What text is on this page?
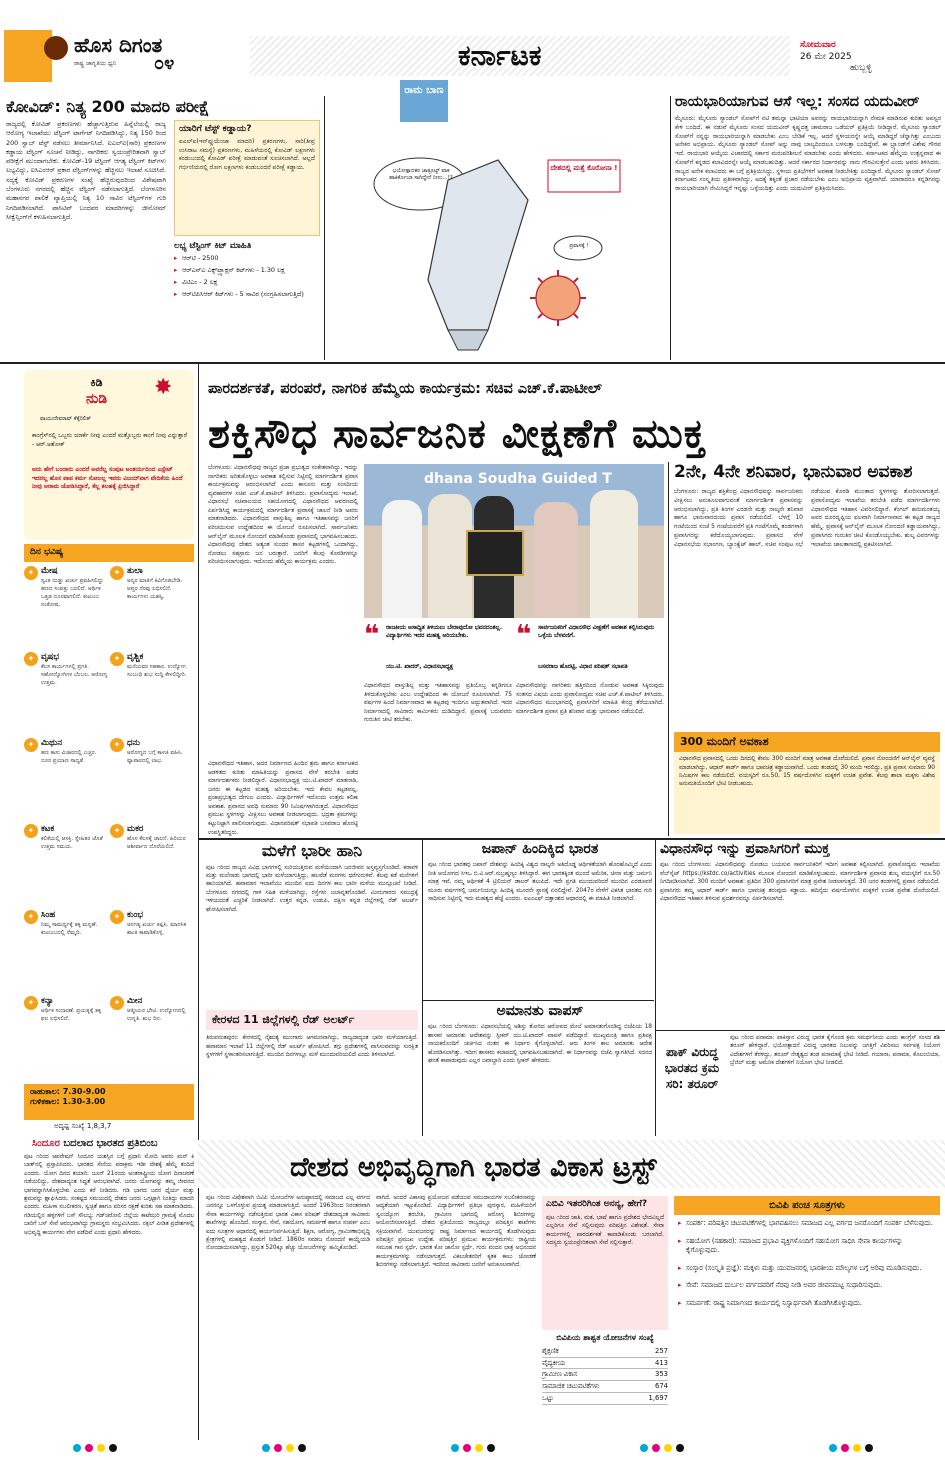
ಹೊಸ ದಿಗಂತ
ರಾಷ್ಟ್ರ ಜಾಗೃತಿಯ ಧ್ವನಿ ೦೪	ಕರ್ನಾಟಕ	ಸೋಮವಾರ
26 ಮೇ 2025
ಹುಬ್ಬಳ್ಳಿ
ಕೋವಿಡ್: ನಿತ್ಯ 200 ಮಾದರಿ ಪರೀಕ್ಷೆ
ರಾಜ್ಯದಲ್ಲಿ ಕೋವಿಡ್ ಪ್ರಕರಣಗಳು ಹೆಚ್ಚಾಗುತ್ತಿರುವ ಹಿನ್ನೆಲೆಯಲ್ಲಿ ರಾಜ್ಯ ಆರೋಗ್ಯ ಇಲಾಖೆಯು ಟೆಸ್ಟಿಂಗ್ ಟಾರ್ಗೆಟ್ ನಿಗದಿಪಡಿಸಿದ್ದು, ನಿತ್ಯ 150 ರಿಂದ 200 ಸ್ವಾಬ್ ಟೆಸ್ಟ್ ನಡೆಸಲು ತೀರ್ಮಾನಿಸಿದೆ. ಐಎಲ್‌ಐ(ಸಾರಿ) ಪ್ರಕರಣಗಳ ಕಡ್ಡಾಯ ಟೆಸ್ಟಿಂಗ್ ಸೂಚನೆ ನೀಡಿದ್ದು, ನಾಗರಿಕರು ಸ್ವಯಂಪ್ರೇರಿತವಾಗಿ ಸ್ವಾಬ್ ಪರೀಕ್ಷೆಗೆ ಮುಂದಾಗಬೇಕು. ಕೋವಿಡ್-19 ಟೆಸ್ಟಿಂಗ್ ಆಗತ್ಯ ಟೆಸ್ಟಿಂಗ್ ಕಿಟ್‌ಗಳು ಲಭ್ಯವಿದ್ದು, ಐಸಿಎಂಆರ್ ಪ್ರಕಾರ ಟೆಸ್ಟಿಂಗ್‌ಗಳನ್ನು ಹೆಚ್ಚಿಸಲು ಇಲಾಖೆ ಸೂಚಿಸಿದೆ. ಸದ್ಯಕ್ಕೆ ಕೋವಿಡ್ ಪ್ರಕರಣಗಳ ಸಂಖ್ಯೆ ಹೆಚ್ಚಿರುವುದರಿಂದ ವಿಶೇಷವಾಗಿ ಬೆಂಗಳೂರು ನಗರದಲ್ಲಿ ಹೆಚ್ಚಿನ ಟೆಸ್ಟಿಂಗ್ ನಡೆಸಲಾಗುತ್ತಿದೆ. ಬೆಂಗಳೂರಿನ ಮಹಾನಗರ ಪಾಲಿಕೆ ವ್ಯಾಪ್ತಿಯಲ್ಲಿ ನಿತ್ಯ 10 ಸಾವಿರ ಟೆಸ್ಟಿಂಗ್‌ಗಳ ಗುರಿ ನಿಗದಿಪಡಿಸಲಾಗಿದೆ. ಪಾಸಿಟಿವ್ ಬಂದವರ ಮಾದರಿಗಳನ್ನು ಜೀನೋಮ್ ಸೀಕ್ವೆನ್ಸಿಂಗ್‌ಗೆ ಕಳುಹಿಸಲಾಗುತ್ತಿದೆ.
ಯಾರಿಗೆ ಟೆಸ್ಟ್ ಕಡ್ಡಾಯ?
ಐಎಲ್‌ಐ(ಇನ್‌ಫ್ಲುಯೆಂಜಾ ಮಾದರಿ) ಪ್ರಕರಣಗಳು, ಸಾರಿ(ತೀವ್ರ ಉಸಿರಾಟ ಸಮಸ್ಯೆ) ಪ್ರಕರಣಗಳು, ಮಹಿಳೆಯರಲ್ಲಿ ಕೋವಿಡ್ ಲಕ್ಷಣಗಳು ಕಂಡುಬಂದಲ್ಲಿ ಕೋವಿಡ್ ಪರೀಕ್ಷೆ ಮಾಡುವಂತೆ ಸೂಚಿಸಲಾಗಿದೆ. ಅಲ್ಲದೆ ಗರ್ಭಿಣಿಯರಲ್ಲಿ ರೋಗ ಲಕ್ಷಣಗಳು ಕಂಡುಬಂದರೆ ಪರೀಕ್ಷೆ ಕಡ್ಡಾಯ.
ಲಭ್ಯ ಟೆಸ್ಟಿಂಗ್ ಕಿಟ್ ಮಾಹಿತಿ
▸ ಆರ್‌ಟಿ - 2500
▸ ಆರ್‌ಎನ್‌ಎ ಎಕ್ಸ್‌ಟ್ರ್ಯಾಕ್ಷನ್ ಕಿಟ್‌ಗಳು - 1.30 ಲಕ್ಷ
▸ ವಿಟಿಎಂ - 2 ಲಕ್ಷ
▸ ಆರ್‌ಟಿಪಿಸಿಆರ್ ಕಿಟ್‌ಗಳು - 5 ಸಾವಿರ (ಸಂಗ್ರಹಿಸಲಾಗುತ್ತಿದೆ)
ರಾಮ ಬಾಣ
ಭಯೋತ್ಪಾದಕರ ಜಾತ್ರೂಟ್ಟ್ ವಾಕ ಹಾಕಿರ್ಕೊಂಡ ಸಾಗಿದ್ದೇನೆ ನೀನು...!?
ಪ್ರವಾಸಕ್ಕೆ !
ದೇಶದಲ್ಲಿ ಮತ್ತೆ ಕೊರೋನಾ !
ರಾಯಭಾರಿಯಾಗುವ ಆಸೆ ಇಲ್ಲ: ಸಂಸದ ಯದುವೀರ್
ಮೈಸೂರು: ಮೈಸೂರು ಸ್ಯಾಂಡಲ್ ಸೋಪ್‌ಗೆ ನಟಿ ತಮನ್ನಾ ಭಾಟಿಯಾ ಅವರನ್ನು ರಾಯಭಾರಿಯನ್ನಾಗಿ ನೇಮಕ ಮಾಡಿರುವ ಕುರಿತು ಅಪಸ್ವರ ಕೇಳಿ ಬಂದಿದೆ. ಈ ನಡುವೆ ಮೈಸೂರು ಸಂಸದ ಯದುವೀರ್ ಕೃಷ್ಣದತ್ತ ಚಾಮರಾಜ ಒಡೆಯರ್ ಪ್ರತಿಕ್ರಿಯೆ ನೀಡಿದ್ದಾರೆ. ಮೈಸೂರು ಸ್ಯಾಂಡಲ್ ಸೋಪ್‌ಗೆ ನನ್ನನ್ನು ರಾಯಭಾರಿಯನ್ನಾಗಿ ಮಾಡಬೇಕು ಎಂಬ ಬೇಡಿಕೆ ಇಲ್ಲ. ಆದರೆ ಸ್ಥಳೀಯರನ್ನೇ ಆಯ್ಕೆ ಮಾಡಿದ್ದರೆ ಚೆನ್ನಾಗಿತ್ತು ಎಂಬುದು ಅನೇಕರ ಅಭಿಪ್ರಾಯ. ಮೈಸೂರು ಸ್ಯಾಂಡಲ್ ಸೋಪ್ ಅನ್ನು ನಾವು ಬಾಲ್ಯದಿಂದಲೂ ಬಳಸುತ್ತಾ ಬಂದಿದ್ದೇವೆ. ಈ ಬ್ರ್ಯಾಂಡ್‌ಗೆ ವಿಶೇಷ ಗೌರವ ಇದೆ. ರಾಯಭಾರಿ ಆಯ್ಕೆಯ ವಿಚಾರದಲ್ಲಿ ಸರ್ಕಾರ ಮರುಪರಿಶೀಲನೆ ಮಾಡಬೇಕು ಎಂದು ಹೇಳಿದರು. ಕರ್ನಾಟಕದ ಹೆಮ್ಮೆಯ ಉತ್ಪನ್ನವಾದ ಈ ಸೋಪ್‌ಗೆ ಕನ್ನಡದ ಕಲಾವಿದರನ್ನೇ ಆಯ್ಕೆ ಮಾಡಬಹುದಿತ್ತು. ಆದರೆ ಸರ್ಕಾರದ ನಿರ್ಧಾರವನ್ನು ನಾನು ಗೌರವಿಸುತ್ತೇನೆ ಎಂದು ಅವರು ತಿಳಿಸಿದರು. ರಾಜ್ಯದ ಅನೇಕ ಕಲಾವಿದರು ಈ ಬಗ್ಗೆ ಪ್ರತಿಕ್ರಿಯಿಸಿದ್ದು, ಸ್ಥಳೀಯ ಪ್ರತಿಭೆಗಳಿಗೆ ಅವಕಾಶ ನೀಡಬೇಕಿತ್ತು ಎಂದಿದ್ದಾರೆ. ಮೈಸೂರು ಸ್ಯಾಂಡಲ್ ಸೋಪ್ ಕರ್ನಾಟಕದ ಸಂಸ್ಕೃತಿಯ ಪ್ರತೀಕವಾಗಿದ್ದು, ಅದಕ್ಕೆ ತಕ್ಕಂತೆ ಪ್ರಚಾರ ನಡೆಯಬೇಕು ಎಂಬ ಅಭಿಪ್ರಾಯ ವ್ಯಕ್ತವಾಗಿದೆ. ಯಾರಾದರೂ ಕನ್ನಡಿಗರನ್ನು ರಾಯಭಾರಿಯಾಗಿ ನೇಮಿಸಿದ್ದರೆ ಇನ್ನಷ್ಟು ಒಳ್ಳೆಯದಿತ್ತು ಎಂದು ಯದುವೀರ್ ಪ್ರತಿಕ್ರಿಯಿಸಿದರು.
ಕಿಡಿ
ನುಡಿ ✸
ವಾಯುದೇವರಾವ್ ಕೆಕ್ಕೆರಿಲಿತ್
ಕಾಂಗ್ರೆಸ್‌ನಲ್ಲಿ ಒಬ್ಬರು ಯಾರ್ಕೆ ನೀವು ಎಂದರೆ ಮತ್ತೊಬ್ಬರು ಕಾಂಗೆ ನೀವು ಎನ್ನುತ್ತಾರೆ - ಆರ್.ಅಶೋಕ್
ಅದು ಹೇಗೆ ಬಂದಾರು ಎಂದರೆ ಅವರೆಲ್ಲ ಸಂಪುಟ ಅಂತರ್ಯದಿಂದ ಎಸ್ಟೇಟ್ ಇದರಲ್ಲ ಹೊಸ ಪಾಪ ಕರ್ಮ ಸೋಲಲ್ಲ ಇವರು ವಿಜಯ್‌ವಾಗ ವೇದಿಕೆಯ ಹಿಂದೆ ನೀವು ಆರಾಮ ಜೋಡಿಸಿದ್ದಾರೆ, ಕೆಲ್ಲ ಕಲಹಕ್ಕೆ ಪ್ರಿಜಿಸಿದ್ದಾರೆ
ದಿನ ಭವಿಷ್ಯ
✦ ಮೇಷ
ಸ್ವಂತ ದುಡ್ಡು ಖರ್ಚು ಪ್ರವಹಿಸಲಿದ್ದು ಹಣದ ಸಂಪತ್ತು ಬರಲಿದೆ. ಆರ್ಥಿಕ ಒತ್ತಡ ದೂರವಾಗಲಿದೆ. ಕುಟುಂಬ ಸಂತೋಷ.
✦ ತುಲಾ
ಅನ್ಯರ ಮಾತಿಗೆ ಕಿವಿಗೊಡಬೇಡಿ. ಆಪ್ತರ ನೆರವು ಲಭಿಸಲಿದೆ. ಕಾರ್ಯಗಳು ಯಶಸ್ವಿ.
✦ ವೃಷಭ
ಕೆಲಸ ಕಾರ್ಯಗಳಲ್ಲಿ ಪ್ರಗತಿ. ಸಹೋದ್ಯೋಗಿಗಳ ಬೆಂಬಲ. ಆರೋಗ್ಯ ಉತ್ತಮ.
✦ ವೃಶ್ಚಿಕ
ಮನೆಯವರ ಸಹಕಾರ. ಉದ್ಯೋಗ ಸಂಬಂಧಿ ಶುಭ ಸುದ್ದಿ ಕೇಳಲಿದ್ದೀರಿ.
✦ ಮಿಥುನ
ಹಣ ಕಾಸು ವಿಚಾರದಲ್ಲಿ ಎಚ್ಚರ. ದೂರ ಪ್ರಯಾಣ ಸಾಧ್ಯತೆ.
✦ ಧನು
ಆರೋಗ್ಯದ ಬಗ್ಗೆ ಕಾಳಜಿ ವಹಿಸಿ. ವ್ಯಾಪಾರದಲ್ಲಿ ಲಾಭ.
✦ ಕಟಕ
ಕಲಿಕೆಯಲ್ಲಿ ಆಸಕ್ತಿ. ಸ್ನೇಹಿತರ ಜೊತೆ ಉತ್ತಮ ಸಮಯ.
✦ ಮಕರ
ಹೊಸ ಕೆಲಸಕ್ಕೆ ಚಾಲನೆ. ಹಿರಿಯರ ಆಶೀರ್ವಾದ ದೊರೆಯಲಿದೆ.
✦ ಸಿಂಹ
ನಿಮ್ಮ ಸಾಮರ್ಥ್ಯಕ್ಕೆ ತಕ್ಕ ಮನ್ನಣೆ. ಕುಟುಂಬದಲ್ಲಿ ನೆಮ್ಮದಿ.
✦ ಕುಂಭ
ಅನಗತ್ಯ ಖರ್ಚು ತಪ್ಪಿಸಿ. ಮಾನಸಿಕ ಶಾಂತಿ ಕಾಪಾಡಿಕೊಳ್ಳಿ.
✦ ಕನ್ಯಾ
ಆರ್ಥಿಕ ಸುಧಾರಣೆ. ಪ್ರಯತ್ನಕ್ಕೆ ತಕ್ಕ ಫಲ ಲಭಿಸಲಿದೆ.
✦ ಮೀನ
ಆತ್ಮೀಯರ ಭೇಟಿ. ಉದ್ಯೋಗದಲ್ಲಿ ಉನ್ನತಿ. ಶುಭ ದಿನ.
ರಾಹುಕಾಲ: 7.30-9.00
ಗುಳಿಕಕಾಲ: 1.30-3.00
ಅದೃಷ್ಟ ಸಂಖ್ಯೆ 1,8,3,7
ಸಿಂದೂರ ಬದಲಾದ ಭಾರತದ ಪ್ರತಿಬಿಂಬ
ಪುಟ ೧ರಿಂದ ಆಪರೇಷನ್ ಸಿಂದೂರ ಯಶಸ್ಸಿನ ಬಗ್ಗೆ ಪ್ರಧಾನಿ ಮೋದಿ ಅವರು ಮನ್ ಕಿ ಬಾತ್‌ನಲ್ಲಿ ಪ್ರಸ್ತಾಪಿಸಿದರು. ಭಾರತದ ಸೇನೆಯ ಪರಾಕ್ರಮ ಇಡೀ ದೇಶಕ್ಕೆ ಹೆಮ್ಮೆ ತಂದಿದೆ ಎಂದರು. ಯೋಗ ದಿನದ ತಯಾರಿ: ಜೂನ್ 21ರಂದು ಅಂತರಾಷ್ಟ್ರೀಯ ಯೋಗ ದಿನಾಚರಣೆ ನಡೆಯಲಿದ್ದು, ದೇಶದಾದ್ಯಂತ ಸಿದ್ಧತೆ ಆರಂಭವಾಗಿದೆ. ಜನರು ಯೋಗವನ್ನು ತಮ್ಮ ಜೀವನದ ಭಾಗವನ್ನಾಗಿಸಿಕೊಳ್ಳಬೇಕು ಎಂದು ಕರೆ ನೀಡಿದರು. ಗಡಿ ಭಾಗದ ಜನರ ಧೈರ್ಯ ಮತ್ತು ಶ್ರಮವನ್ನು ಶ್ಲಾಘಿಸಿದರು. ಸಂಕಷ್ಟದ ಸಮಯದಲ್ಲಿ ದೇಶದ ಜನರು ಒಗ್ಗಟ್ಟಾಗಿ ನಿಂತಿದ್ದು ಮಾದರಿ ಎಂದರು. ಮಹಿಳಾ ಸಬಲೀಕರಣ, ಸ್ವಚ್ಛತೆ ಹಾಗೂ ಪರಿಸರ ರಕ್ಷಣೆ ಕುರಿತು ಸಹ ಮಾತನಾಡಿದರು. ಗಡಿಯಲ್ಲಿನ ಹಳ್ಳಿಗಳಿಗೆ ಬಸ್ ಸೌಲಭ್ಯ: ಗಡ್‌ಚಿರೋಲಿ ಜಿಲ್ಲೆಯ ಕಾಟೆಝರಿ ಗ್ರಾಮಕ್ಕೆ ಮೊದಲ ಬಾರಿಗೆ ಬಸ್ ಸೇವೆ ಆರಂಭವಾಗಿದ್ದು ಗ್ರಾಮಸ್ಥರು ಸಂಭ್ರಮಿಸಿದರು. ನಕ್ಸಲ್ ಪೀಡಿತ ಪ್ರದೇಶಗಳಲ್ಲಿ ಅಭಿವೃದ್ಧಿ ಕಾರ್ಯಗಳು ವೇಗ ಪಡೆದಿವೆ ಎಂದು ಪ್ರಧಾನಿ ಹೇಳಿದರು.
ಪಾರದರ್ಶಕತೆ, ಪರಂಪರೆ, ನಾಗರಿಕ ಹೆಮ್ಮೆಯ ಕಾರ್ಯಕ್ರಮ: ಸಚಿವ ಎಚ್.ಕೆ.ಪಾಟೀಲ್
ಶಕ್ತಿಸೌಧ ಸಾರ್ವಜನಿಕ ವೀಕ್ಷಣೆಗೆ ಮುಕ್ತ
ಬೆಂಗಳೂರು: ವಿಧಾನಸೌಧವು ರಾಜ್ಯದ ಪ್ರಜಾ ಪ್ರಭುತ್ವದ ಸಂಕೇತವಾಗಿದ್ದು, ಇದನ್ನು ನಾಗರಿಕರು ಅರಿತುಕೊಳ್ಳಲು ಅವಕಾಶ ಕಲ್ಪಿಸುವ ನಿಟ್ಟಿನಲ್ಲಿ ಮಾರ್ಗದರ್ಶಿತ ಪ್ರವಾಸ ಕಾರ್ಯಕ್ರಮವನ್ನು ಆರಂಭಿಸಲಾಗಿದೆ ಎಂದು ಕಾನೂನು ಮತ್ತು ಸಂಸದೀಯ ವ್ಯವಹಾರಗಳ ಸಚಿವ ಎಚ್.ಕೆ.ಪಾಟೀಲ್ ತಿಳಿಸಿದರು. ಪ್ರವಾಸೋದ್ಯಮ ಇಲಾಖೆ, ವಿಧಾನಸಭೆ ಸಚಿವಾಲಯದ ಸಹಯೋಗದಲ್ಲಿ ವಿಧಾನಸೌಧದ ಆವರಣದಲ್ಲಿ ಏರ್ಪಡಿಸಿದ್ದ ಕಾರ್ಯಕ್ರಮದಲ್ಲಿ ಮಾರ್ಗದರ್ಶಿತ ಪ್ರವಾಸಕ್ಕೆ ಚಾಲನೆ ನೀಡಿ ಅವರು ಮಾತನಾಡಿದರು. ವಿಧಾನಸೌಧದ ವಾಸ್ತುಶಿಲ್ಪ ಹಾಗೂ ಇತಿಹಾಸವನ್ನು ಜನರಿಗೆ ಪರಿಚಯಿಸುವ ಉದ್ದೇಶದಿಂದ ಈ ಯೋಜನೆ ರೂಪಿಸಲಾಗಿದೆ. ಸಾರ್ವಜನಿಕರು ಆನ್‌ಲೈನ್ ಮೂಲಕ ನೋಂದಣಿ ಮಾಡಿಕೊಂಡು ಪ್ರವಾಸದಲ್ಲಿ ಭಾಗವಹಿಸಬಹುದು. ವಿಧಾನಸೌಧವು ದೇಶದ ಅತ್ಯಂತ ಸುಂದರ ಶಾಸನ ಕಟ್ಟಡಗಳಲ್ಲಿ ಒಂದಾಗಿದ್ದು, ನೋಡಲು ಸಹಸ್ರಾರು ಜನ ಬರುತ್ತಾರೆ. ಜನರಿಗೆ ಕೆಲವು ಕೊಠಡಿಗಳನ್ನೂ ಪರಿಚಯಿಸಲಾಗುವುದು. ಇದೊಂದು ಹೆಮ್ಮೆಯ ಕಾರ್ಯಕ್ರಮ ಎಂದರು.
dhana Soudha Guided T
❝ ರಾಜಕೀಯ ಅಸಾಧ್ಯಿತ ತಿಳಿಯಲು ಬೇರಾವುದೋ ಭವನದಂತಲ್ಲ. ವಿದ್ಯಾರ್ಥಿಗಳು ಇದರ ಮಹತ್ವ ಅರಿಯಬೇಕು.
ಯು.ಟಿ. ಖಾದರ್, ವಿಧಾನಸಭಾಧ್ಯಕ್ಷ
❝ ಸಾರ್ವಜನಿಕರಿಗೆ ವಿಧಾನಸೌಧ ವೀಕ್ಷಣೆಗೆ ಅವಕಾಶ ಕಲ್ಪಿಸಿರುವುದು ಒಳ್ಳೆಯ ಬೆಳವಣಿಗೆ.
ಬಸವರಾಜ ಹೊರಟ್ಟಿ, ವಿಧಾನ ಪರಿಷತ್ ಸಭಾಪತಿ
ವಿಧಾನಸೌಧದ ವಾಸ್ತುಶಿಲ್ಪ ಮತ್ತು ಇತಿಹಾಸವನ್ನು ಪ್ರತಿಯೊಬ್ಬ ಕನ್ನಡಿಗನೂ ತಿಳಿದುಕೊಳ್ಳಬೇಕು ಎಂಬ ಉದ್ದೇಶದಿಂದ ಈ ಯೋಜನೆ ರೂಪಿಸಲಾಗಿದೆ. 75 ವರ್ಷಗಳ ಹಿಂದೆ ನಿರ್ಮಾಣವಾದ ಈ ಕಟ್ಟಡವು ಇಂದಿಗೂ ಅದ್ಭುತವಾಗಿದೆ. ಇದರ ನಿರ್ಮಾಣದಲ್ಲಿ ಸಾವಿರಾರು ಕಾರ್ಮಿಕರು ದುಡಿದಿದ್ದಾರೆ. ಪ್ರವಾಸಕ್ಕೆ ಬರುವವರು ಗುರುತಿನ ಚೀಟಿ ತರಬೇಕು.
ವಿಧಾನಸೌಧವನ್ನು ನಾಗರಿಕರು ಹತ್ತಿರದಿಂದ ನೋಡುವ ಅವಕಾಶ ಸಿಕ್ಕಿರುವುದು ಸಂತಸದ ವಿಷಯ ಎಂದು ಪ್ರವಾಸೋದ್ಯಮ ಸಚಿವ ಎಚ್.ಕೆ.ಪಾಟೀಲ್ ತಿಳಿಸಿದರು. ವಿಧಾನಸೌಧದ ಮುಂಭಾಗದಲ್ಲಿ ಪ್ರವಾಸಿಗರಿಗೆ ಮಾಹಿತಿ ಕೇಂದ್ರ ತೆರೆಯಲಾಗಿದೆ. ಮಾರ್ಗದರ್ಶಿತ ಪ್ರವಾಸ ಪ್ರತಿ ಶನಿವಾರ ಮತ್ತು ಭಾನುವಾರ ನಡೆಯಲಿದೆ.
ವಿಧಾನಸೌಧದ ಇತಿಹಾಸ, ಅದರ ನಿರ್ಮಾಣದ ಹಿಂದಿನ ಶ್ರಮ ಹಾಗೂ ಕರ್ನಾಟಕದ ಆಡಳಿತದ ಕುರಿತು ಮಾಹಿತಿಯನ್ನು ಪ್ರವಾಸದ ವೇಳೆ ತರಬೇತಿ ಪಡೆದ ಮಾರ್ಗದರ್ಶಕರು ನೀಡಲಿದ್ದಾರೆ. ವಿಧಾನಸಭಾಧ್ಯಕ್ಷ ಯು.ಟಿ.ಖಾದರ್ ಮಾತನಾಡಿ, ಜನರು ಈ ಕಟ್ಟಡದ ಮಹತ್ವ ಅರಿಯಬೇಕು. ಇದು ಕೇವಲ ಕಟ್ಟಡವಲ್ಲ, ಪ್ರಜಾಪ್ರಭುತ್ವದ ದೇಗುಲ ಎಂದರು. ವಿದ್ಯಾರ್ಥಿಗಳಿಗೆ ಇದೊಂದು ಉತ್ತಮ ಕಲಿಕಾ ಅವಕಾಶ. ಪ್ರವಾಸದ ಅವಧಿ ಸುಮಾರು 90 ನಿಮಿಷಗಳಾಗಿರುತ್ತದೆ. ವಿಧಾನಸೌಧದ ಪ್ರಮುಖ ಸ್ಥಳಗಳನ್ನು ವೀಕ್ಷಿಸಲು ಅವಕಾಶ ನೀಡಲಾಗುವುದು. ಭದ್ರತಾ ಕ್ರಮಗಳನ್ನು ಕಟ್ಟುನಿಟ್ಟಾಗಿ ಪಾಲಿಸಲಾಗುವುದು. ವಿಧಾನಪರಿಷತ್ ಸಭಾಪತಿ ಬಸವರಾಜ ಹೊರಟ್ಟಿ ಉಪಸ್ಥಿತರಿದ್ದರು.
2ನೇ, 4ನೇ ಶನಿವಾರ, ಭಾನುವಾರ ಅವಕಾಶ
ಬೆಂಗಳೂರು: ರಾಜ್ಯದ ಶಕ್ತಿಕೇಂದ್ರ ವಿಧಾನಸೌಧವನ್ನು ಸಾರ್ವಜನಿಕರು ವೀಕ್ಷಿಸಲು ಅನುಕೂಲವಾಗುವಂತೆ ಮಾರ್ಗದರ್ಶಿತ ಪ್ರವಾಸವನ್ನು ಆರಂಭಿಸಲಾಗಿದ್ದು, ಪ್ರತಿ ತಿಂಗಳ ಎರಡನೇ ಮತ್ತು ನಾಲ್ಕನೇ ಶನಿವಾರ ಹಾಗೂ ಭಾನುವಾರದಂದು ಪ್ರವಾಸ ನಡೆಯಲಿದೆ. ಬೆಳಗ್ಗೆ 10 ಗಂಟೆಯಿಂದ ಸಂಜೆ 5 ಗಂಟೆಯವರೆಗೆ ಪ್ರತಿ ಗಂಟೆಗೊಮ್ಮೆ ತಂಡಗಳಾಗಿ ಪ್ರವಾಸಿಗರನ್ನು ಕರೆದೊಯ್ಯಲಾಗುವುದು. ಪ್ರವಾಸದ ವೇಳೆ ವಿಧಾನಸಭೆಯ ಸಭಾಂಗಣ, ಬ್ಯಾಂಕ್ವೆಟ್ ಹಾಲ್, ಸಚಿವ ಸಂಪುಟ ಸಭೆ ನಡೆಯುವ ಕೊಠಡಿ ಮುಂತಾದ ಸ್ಥಳಗಳನ್ನು ತೋರಿಸಲಾಗುತ್ತದೆ. ಪ್ರವಾಸೋದ್ಯಮ ಇಲಾಖೆಯ ತರಬೇತಿ ಪಡೆದ ಮಾರ್ಗದರ್ಶಿಗಳು ವಿಧಾನಸೌಧದ ಇತಿಹಾಸ ವಿವರಿಸಲಿದ್ದಾರೆ. ಕೆಂಗಲ್ ಹನುಮಂತಯ್ಯ ಅವರ ದೂರದೃಷ್ಟಿಯ ಫಲವಾಗಿ ನಿರ್ಮಾಣವಾದ ಈ ಕಟ್ಟಡ ರಾಜ್ಯದ ಹೆಮ್ಮೆ. ಪ್ರವಾಸಕ್ಕೆ ಆನ್‌ಲೈನ್ ಮೂಲಕ ನೋಂದಣಿ ಕಡ್ಡಾಯವಾಗಿದ್ದು, ಪ್ರವಾಸಿಗರು ಗುರುತಿನ ಚೀಟಿ ಕೊಂಡೊಯ್ಯಬೇಕು. ಶುಲ್ಕ ವಿವರಗಳನ್ನು ಇಲಾಖೆಯ ಜಾಲತಾಣದಲ್ಲಿ ಪ್ರಕಟಿಸಲಾಗಿದೆ.
300 ಮಂದಿಗೆ ಅವಕಾಶ
ವಿಧಾನಸೌಧ ಪ್ರವಾಸದಲ್ಲಿ ಒಂದು ದಿನದಲ್ಲಿ ಕೇವಲ 300 ಮಂದಿಗೆ ಮಾತ್ರ ಅವಕಾಶ ದೊರೆಯಲಿದೆ. ಪ್ರವಾಸ ನೋಂದಣಿಗೆ ಆನ್‌ಲೈನ್ ವ್ಯವಸ್ಥೆ ಮಾಡಲಾಗಿದ್ದು, ಆಧಾರ್ ಕಾರ್ಡ್ ಹಾಗೂ ಭಾವಚಿತ್ರ ಕಡ್ಡಾಯವಾಗಿದೆ. ಒಂದು ತಂಡದಲ್ಲಿ 30 ಮಂದಿ ಇರಲಿದ್ದು, ಪ್ರತಿ ಪ್ರವಾಸ ಸುಮಾರು 90 ನಿಮಿಷಗಳ ಕಾಲ ನಡೆಯಲಿದೆ. ವಯಸ್ಕರಿಗೆ ರೂ.50, 15 ವರ್ಷದೊಳಗಿನ ಮಕ್ಕಳಿಗೆ ಉಚಿತ ಪ್ರವೇಶ. ಕೆಲವು ಶಾಲಾ ಮಕ್ಕಳು ವಿಶೇಷ ಅನುಮತಿಯೊಂದಿಗೆ ಭೇಟಿ ನೀಡಬಹುದು.
ಮಳೆಗೆ ಭಾರೀ ಹಾನಿ
ಪುಟ ೧ರಿಂದ ರಾಜ್ಯದ ವಿವಿಧ ಭಾಗಗಳಲ್ಲಿ ಸುರಿಯುತ್ತಿರುವ ಮಳೆಯಿಂದಾಗಿ ಜನಜೀವನ ಅಸ್ತವ್ಯಸ್ತಗೊಂಡಿದೆ. ಕರಾವಳಿ ಮತ್ತು ಮಲೆನಾಡು ಭಾಗದಲ್ಲಿ ಭಾರೀ ಮಳೆಯಾಗುತ್ತಿದ್ದು, ಹಲವೆಡೆ ಮರಗಳು ಧರೆಗುರುಳಿವೆ. ಕೆಲವು ಕಡೆ ಮನೆಗಳಿಗೆ ಹಾನಿಯಾಗಿದೆ. ಹವಾಮಾನ ಇಲಾಖೆಯು ಮುಂದಿನ ಐದು ದಿನಗಳ ಕಾಲ ಭಾರೀ ಮಳೆಯ ಮುನ್ಸೂಚನೆ ನೀಡಿದೆ. ಬೆಂಗಳೂರು ನಗರದಲ್ಲಿ ಗಾಳಿ ಸಹಿತ ಮಳೆಯಾಗಿದ್ದು, ರಸ್ತೆಗಳು ಜಲಾವೃತಗೊಂಡಿವೆ. ಮೀನುಗಾರರು ಸಮುದ್ರಕ್ಕೆ ಇಳಿಯದಂತೆ ಎಚ್ಚರಿಕೆ ನೀಡಲಾಗಿದೆ. ಉತ್ತರ ಕನ್ನಡ, ಉಡುಪಿ, ದಕ್ಷಿಣ ಕನ್ನಡ ಜಿಲ್ಲೆಗಳಲ್ಲಿ ರೆಡ್ ಅಲರ್ಟ್ ಘೋಷಿಸಲಾಗಿದೆ.
ಕೇರಳದ 11 ಜಿಲ್ಲೆಗಳಲ್ಲಿ ರೆಡ್ ಅಲರ್ಟ್
ತಿರುವನಂತಪುರಂ: ಕೇರಳದಲ್ಲಿ ನೈಋತ್ಯ ಮುಂಗಾರು ಆಗಮನವಾಗಿದ್ದು, ರಾಜ್ಯದಾದ್ಯಂತ ಭಾರೀ ಮಳೆಯಾಗುತ್ತಿದೆ. ಹವಾಮಾನ ಇಲಾಖೆ 11 ಜಿಲ್ಲೆಗಳಲ್ಲಿ ರೆಡ್ ಅಲರ್ಟ್ ಘೋಷಿಸಿದೆ. ತಗ್ಗು ಪ್ರದೇಶಗಳಲ್ಲಿ ವಾಸಿಸುವವರನ್ನು ಸುರಕ್ಷಿತ ಸ್ಥಳಗಳಿಗೆ ಸ್ಥಳಾಂತರಿಸಲಾಗುತ್ತಿದೆ. ಮುಂದಿನ ದಿನಗಳಲ್ಲೂ ಮಳೆ ಮುಂದುವರಿಯಲಿದೆ ಎಂದು ತಿಳಿಸಲಾಗಿದೆ.
ಜಪಾನ್ ಹಿಂದಿಕ್ಕಿದ ಭಾರತ
ಪುಟ ೧ರಿಂದ ಭಾರತವು ಜಪಾನ್ ದೇಶವನ್ನು ಹಿಂದಿಕ್ಕಿ ವಿಶ್ವದ ನಾಲ್ಕನೇ ಅತಿದೊಡ್ಡ ಆರ್ಥಿಕತೆಯಾಗಿ ಹೊರಹೊಮ್ಮಿದೆ ಎಂದು ನೀತಿ ಆಯೋಗದ ಸಿಇಒ ಬಿ.ವಿ.ಆರ್.ಸುಬ್ರಹ್ಮಣ್ಯಂ ತಿಳಿಸಿದ್ದಾರೆ. ಈಗ ಭಾರತಕ್ಕಿಂತ ಮುಂದೆ ಅಮೆರಿಕ, ಚೀನಾ ಮತ್ತು ಜರ್ಮನಿ ಮಾತ್ರ ಇವೆ. ನಮ್ಮ ಆರ್ಥಿಕತೆ 4 ಟ್ರಿಲಿಯನ್ ಡಾಲರ್ ತಲುಪಿದೆ. ಇದೇ ಪ್ರಗತಿ ಮುಂದುವರಿದರೆ ಮುಂದಿನ ಎರಡೂವರೆ ಮೂರು ವರ್ಷಗಳಲ್ಲಿ ಜರ್ಮನಿಯನ್ನೂ ಹಿಂದಿಕ್ಕಿ ಮೂರನೇ ಸ್ಥಾನಕ್ಕೆ ಏರಲಿದ್ದೇವೆ. 2047ರ ವೇಳೆಗೆ ವಿಕಸಿತ ಭಾರತದ ಗುರಿ ಸಾಧಿಸುವ ನಿಟ್ಟಿನಲ್ಲಿ ಇದು ಮಹತ್ವದ ಹೆಜ್ಜೆ ಎಂದರು. ಐಎಂಎಫ್ ದತ್ತಾಂಶದ ಆಧಾರದಲ್ಲಿ ಈ ಮಾಹಿತಿ ನೀಡಲಾಗಿದೆ.
ಅಮಾನತು ವಾಪಸ್
ಪುಟ ೧ರಿಂದ ಬೆಂಗಳೂರು: ವಿಧಾನಸಭೆಯಲ್ಲಿ ಅಶಿಸ್ತು ತೋರಿದ ಆರೋಪದ ಮೇಲೆ ಅಮಾನತುಗೊಂಡಿದ್ದ ಬಿಜೆಪಿಯ 18 ಶಾಸಕರ ಅಮಾನತು ಆದೇಶವನ್ನು ಸ್ಪೀಕರ್ ಯು.ಟಿ.ಖಾದರ್ ವಾಪಸ್ ಪಡೆದಿದ್ದಾರೆ. ಮುಖ್ಯಮಂತ್ರಿ ಹಾಗೂ ಪ್ರತಿಪಕ್ಷ ನಾಯಕರೊಂದಿಗೆ ಚರ್ಚಿಸಿದ ನಂತರ ಈ ನಿರ್ಧಾರ ಕೈಗೊಳ್ಳಲಾಗಿದೆ. ಆರು ತಿಂಗಳ ಕಾಲ ಅಮಾನತು ಆದೇಶ ಹೊರಡಿಸಲಾಗಿತ್ತು. ಇದೀಗ ಶಾಸಕರು ಕಲಾಪದಲ್ಲಿ ಭಾಗವಹಿಸಬಹುದಾಗಿದೆ. ಈ ನಿರ್ಧಾರವನ್ನು ಬಿಜೆಪಿ ಸ್ವಾಗತಿಸಿದೆ. ಸದನದ ಘನತೆ ಕಾಪಾಡುವುದು ಎಲ್ಲರ ಜವಾಬ್ದಾರಿ ಎಂದು ಸ್ಪೀಕರ್ ಹೇಳಿದರು.
ವಿಧಾನಸೌಧ ಇನ್ನು ಪ್ರವಾಸಿಗರಿಗೆ ಮುಕ್ತ
ಪುಟ ೧ರಿಂದ ಬೆಂಗಳೂರು: ವಿಧಾನಸೌಧವನ್ನು ನೋಡಲು ಬಯಸುವ ಸಾರ್ವಜನಿಕರಿಗೆ ಇದೀಗ ಅವಕಾಶ ಕಲ್ಪಿಸಲಾಗಿದೆ. ಪ್ರವಾಸೋದ್ಯಮ ಇಲಾಖೆಯ ವೆಬ್‌ಸೈಟ್ https://kstdc.co/activities ಮೂಲಕ ನೋಂದಣಿ ಮಾಡಿಕೊಳ್ಳಬಹುದು. ಮಾರ್ಗದರ್ಶಿತ ಪ್ರವಾಸದ ಶುಲ್ಕ ವಯಸ್ಕರಿಗೆ ರೂ.50 ನಿಗದಿಪಡಿಸಲಾಗಿದೆ. 300 ಮಂದಿಗೆ ಅವಕಾಶ: ಪ್ರತಿದಿನ 300 ಪ್ರವಾಸಿಗರಿಗೆ ಮಾತ್ರ ಪ್ರವೇಶ ನೀಡಲಾಗುತ್ತದೆ. 30 ಜನರ ತಂಡಗಳಲ್ಲಿ ಪ್ರವಾಸ ನಡೆಯಲಿದೆ. ಪ್ರವಾಸಿಗರು ತಮ್ಮ ಆಧಾರ್ ಕಾರ್ಡ್ ಹಾಗೂ ಭಾವಚಿತ್ರ ತರುವುದು ಕಡ್ಡಾಯ. ಹದಿನೈದು ವರ್ಷದೊಳಗಿನ ಮಕ್ಕಳಿಗೆ ಉಚಿತ ಪ್ರವೇಶ ದೊರೆಯಲಿದೆ. ವಿಧಾನಸೌಧದ ಇತಿಹಾಸ ತಿಳಿಸುವ ಪ್ರದರ್ಶನವನ್ನೂ ಏರ್ಪಡಿಸಲಾಗಿದೆ.
ಪಾಕ್ ವಿರುದ್ಧ ಭಾರತದ ಕ್ರಮ ಸರಿ: ತರೂರ್
ಪುಟ ೧ರಿಂದ ಪನಾಮಾ: ಪಾಕಿಸ್ತಾನ ವಿರುದ್ಧ ಭಾರತ ಕೈಗೊಂಡ ಕ್ರಮ ಸಮರ್ಥನೀಯ ಎಂದು ಕಾಂಗ್ರೆಸ್ ಸಂಸದ ಶಶಿ ತರೂರ್ ಹೇಳಿದ್ದಾರೆ. ಭಯೋತ್ಪಾದನೆ ವಿರುದ್ಧ ಭಾರತದ ನಿಲುವನ್ನು ಜಗತ್ತಿಗೆ ವಿವರಿಸಲು ಸರ್ವಪಕ್ಷ ನಿಯೋಗ ವಿದೇಶಗಳಿಗೆ ತೆರಳಿದ್ದು, ತರೂರ್ ನೇತೃತ್ವದ ತಂಡ ಪನಾಮಾಕ್ಕೆ ಭೇಟಿ ನೀಡಿದೆ. ಗಯಾನಾ, ಪನಾಮಾ, ಕೊಲಂಬಿಯಾ, ಬ್ರೆಜಿಲ್ ಮತ್ತು ಅಮೆರಿಕ ದೇಶಗಳಿಗೆ ನಿಯೋಗ ಭೇಟಿ ನೀಡಲಿದೆ.
ದೇಶದ ಅಭಿವೃದ್ಧಿಗಾಗಿ ಭಾರತ ವಿಕಾಸ ಟ್ರಸ್ಟ್
ಪುಟ ೧ರಿಂದ ವಿಷೇಶವಾಗಿ ಬಿವಿಪಿ ಯೋಜನೆಗಳ ಅನುಷ್ಠಾನದಲ್ಲಿ ಸಮಾಜದ ಎಲ್ಲ ವರ್ಗದ ಜನರನ್ನೂ ಒಳಗೊಳ್ಳುವ ಪ್ರಯತ್ನ ಮಾಡಲಾಗುತ್ತಿದೆ. ಅಂದರೆ 1963ರಿಂದ ನಿರಂತರವಾಗಿ ಸೇವಾ ಕಾರ್ಯಗಳನ್ನು ನಡೆಸುತ್ತಿರುವ ಭಾರತ ವಿಕಾಸ ಪರಿಷತ್ ದೇಶದಾದ್ಯಂತ ಸಾವಿರಾರು ಶಾಖೆಗಳನ್ನು ಹೊಂದಿದೆ. ಸಂಸ್ಕಾರ, ಸೇವೆ, ಸಹಯೋಗ, ಸಮರ್ಪಣೆ ಹಾಗೂ ಸಂಪರ್ಕ ಎಂಬ ಐದು ಸೂತ್ರಗಳ ಆಧಾರದಲ್ಲಿ ಕಾರ್ಯನಿರ್ವಹಿಸುತ್ತಿದೆ. ಶಿಕ್ಷಣ, ಆರೋಗ್ಯ, ಗ್ರಾಮೀಣಾಭಿವೃದ್ಧಿ ಕ್ಷೇತ್ರಗಳಲ್ಲಿ ಮಹತ್ವದ ಕೊಡುಗೆ ನೀಡಿದೆ. 1860ರ ಸಮಾಜ ನೋಂದಣಿ ಕಾಯ್ದೆಯಡಿ ನೋಂದಾಯಿಸಲಾಗಿದ್ದು, ಪ್ರಸ್ತುತ 520ಕ್ಕೂ ಹೆಚ್ಚು ಯೋಜನೆಗಳನ್ನು ಹಮ್ಮಿಕೊಂಡಿದೆ.
ವಾಗಿದೆ. ಅಂದರೆ ವಿಕಾಸವು ಪ್ರಯೋಜನ ಪಡೆಯುವ ಸಮುದಾಯಗಳ ಸಬಲೀಕರಣವನ್ನು ಆದ್ಯತೆಯಾಗಿ ಇಟ್ಟುಕೊಂಡಿದೆ. ವಿದ್ಯಾರ್ಥಿಗಳಿಗೆ ಪ್ರತಿಭಾ ಪುರಸ್ಕಾರ, ಮಹಿಳೆಯರಿಗೆ ಸ್ವಉದ್ಯೋಗ ತರಬೇತಿ, ಗ್ರಾಮೀಣ ಭಾಗದಲ್ಲಿ ಆರೋಗ್ಯ ಶಿಬಿರಗಳನ್ನು ಆಯೋಜಿಸಲಾಗುತ್ತಿದೆ. ದೇಶದ ಪ್ರತಿಯೊಂದು ರಾಜ್ಯದಲ್ಲೂ ಪರಿಷತ್ತಿನ ಶಾಖೆಗಳು ಸಕ್ರಿಯವಾಗಿವೆ. ಯುವಜನರನ್ನು ರಾಷ್ಟ್ರ ನಿರ್ಮಾಣದ ಕಾರ್ಯದಲ್ಲಿ ತೊಡಗಿಸುವುದು ಪರಿಷತ್ತಿನ ಪ್ರಮುಖ ಉದ್ದೇಶ. ಪರಿಷತ್ತಿನ ಪ್ರಮುಖ ಕಾರ್ಯಕ್ರಮಗಳು: ರಾಷ್ಟ್ರೀಯ ಸಮೂಹ ಗಾನ ಸ್ಪರ್ಧೆ, ಭಾರತ ಕೋ ಜಾನೋ ಸ್ಪರ್ಧೆ, ಗುರು ವಂದನ ಛಾತ್ರ ಅಭಿನಂದನ ಕಾರ್ಯಕ್ರಮಗಳನ್ನು ನಡೆಸಲಾಗುತ್ತದೆ. ವಿಕಲಚೇತನರಿಗೆ ಕೃತಕ ಕಾಲು ಜೋಡಣೆ ಶಿಬಿರಗಳನ್ನು ನಡೆಸಲಾಗುತ್ತಿದೆ. ಇದರಿಂದ ಸಾವಿರಾರು ಜನರಿಗೆ ಅನುಕೂಲವಾಗಿದೆ.
ಎಬಿವಿ ಇತರರಿಗಿಂತ ಅನನ್ಯ, ಹೇಗೆ?
ಪುಟ ೧ರಿಂದ ಜಾತಿ, ಮತ, ಭಾಷೆ ಹಾಗೂ ಪ್ರದೇಶದ ಭೇದವಿಲ್ಲದೆ ಎಲ್ಲರಿಗೂ ಸೇವೆ ಸಲ್ಲಿಸುವುದು ಪರಿಷತ್ತಿನ ವಿಶೇಷತೆ. ಸೇವಾ ಕಾರ್ಯಗಳಲ್ಲಿ ಪಾರದರ್ಶಕತೆ ಕಾಪಾಡಿಕೊಂಡು ಬರಲಾಗಿದೆ. ಸದಸ್ಯರು ಸ್ವಯಂಪ್ರೇರಿತವಾಗಿ ಸೇವೆ ಸಲ್ಲಿಸುತ್ತಾರೆ.
ಬಿವಿಪಿಯ ಶಾಶ್ವತ ಯೋಜನೆಗಳ ಸಂಖ್ಯೆ
ಶೈಕ್ಷಣಿಕ	257
ವೈದ್ಯಕೀಯ	413
ಗ್ರಾಮೀಣ ವಿಕಾಸ	353
ಸಾಮಾಜಿಕ ಚಟುವಟಿಕೆಗಳು	674
ಒಟ್ಟು	1,697
ಬಿವಿಪಿ ಪಂಚ ಸೂತ್ರಗಳು
▸ ಸಂಪರ್ಕ: ಪರಿಷತ್ತಿನ ಚಟುವಟಿಕೆಗಳಲ್ಲಿ ಭಾಗವಹಿಸಲು ಸಮಾಜದ ಎಲ್ಲ ವರ್ಗದ ಜನರೊಂದಿಗೆ ಸಂಪರ್ಕ ಬೆಳೆಸುವುದು.
▸ ಸಹಯೋಗ (ಸಹಕಾರ): ಸಮಾಜದ ಪ್ರಭಾವಿ ವ್ಯಕ್ತಿಗಳೊಂದಿಗೆ ಸಹಯೋಗ ಸಾಧಿಸಿ ಸೇವಾ ಕಾರ್ಯಗಳನ್ನು ಕೈಗೊಳ್ಳುವುದು.
▸ ಸಂಸ್ಕಾರ (ಸಂಸ್ಕೃತಿ ಪ್ರಜ್ಞೆ): ಮಕ್ಕಳು ಮತ್ತು ಯುವಜನರಲ್ಲಿ ಭಾರತೀಯ ಮೌಲ್ಯಗಳ ಬಗ್ಗೆ ಅರಿವು ಮೂಡಿಸುವುದು.
▸ ಸೇವೆ: ಸಮಾಜದ ದುರ್ಬಲ ವರ್ಗದವರಿಗೆ ನೆರವು ನೀಡಿ ಅವರ ಜೀವನಮಟ್ಟ ಸುಧಾರಿಸುವುದು.
▸ ಸಮರ್ಪಣೆ: ರಾಷ್ಟ್ರ ನಿರ್ಮಾಣದ ಕಾರ್ಯದಲ್ಲಿ ನಿಸ್ವಾರ್ಥವಾಗಿ ತೊಡಗಿಸಿಕೊಳ್ಳುವುದು.
